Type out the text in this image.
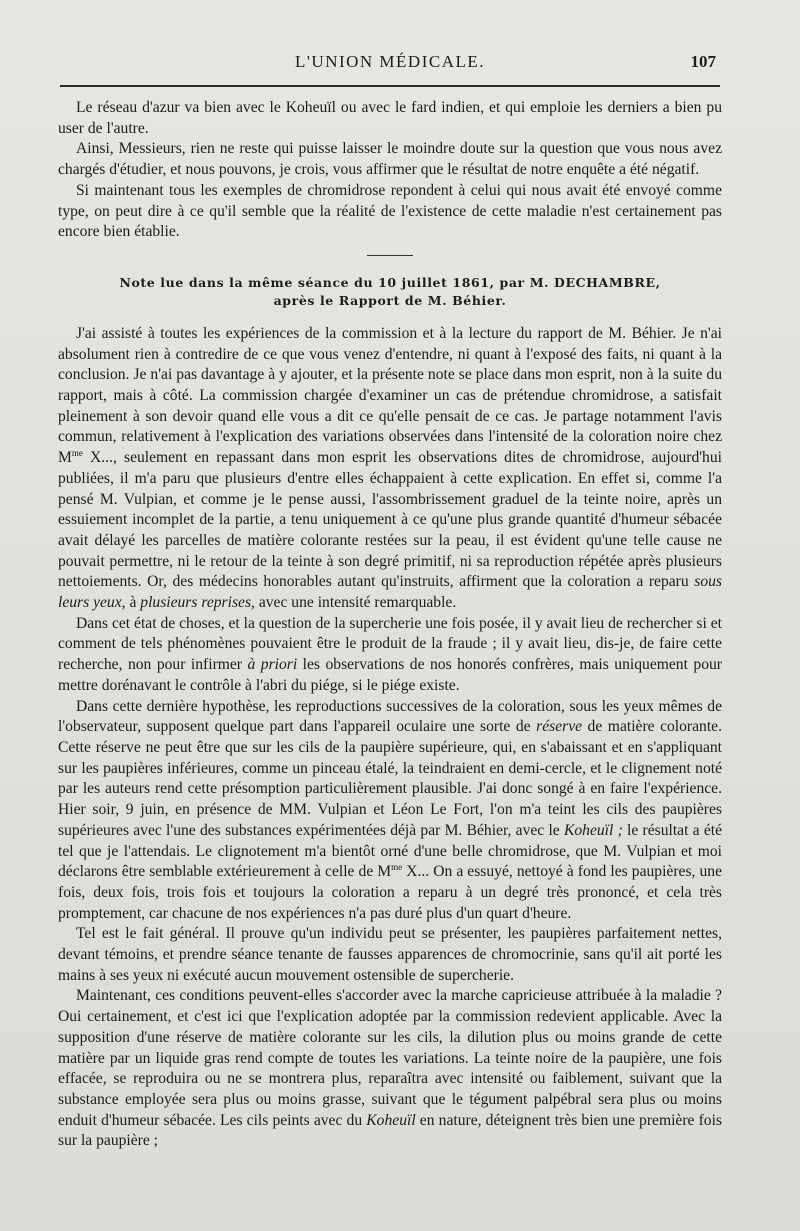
L'UNION MÉDICALE.	107

Le réseau d'azur va bien avec le Koheuïl ou avec le fard indien, et qui emploie les derniers a bien pu user de l'autre.

Ainsi, Messieurs, rien ne reste qui puisse laisser le moindre doute sur la question que vous nous avez chargés d'étudier, et nous pouvons, je crois, vous affirmer que le résultat de notre enquête a été négatif.

Si maintenant tous les exemples de chromidrose repondent à celui qui nous avait été envoyé comme type, on peut dire à ce qu'il semble que la réalité de l'existence de cette maladie n'est certainement pas encore bien établie.

Note lue dans la même séance du 10 juillet 1861, par M. DECHAMBRE,
après le Rapport de M. Béhier.

J'ai assisté à toutes les expériences de la commission et à la lecture du rapport de M. Béhier. Je n'ai absolument rien à contredire de ce que vous venez d'entendre, ni quant à l'exposé des faits, ni quant à la conclusion. Je n'ai pas davantage à y ajouter, et la présente note se place dans mon esprit, non à la suite du rapport, mais à côté. La commission chargée d'examiner un cas de prétendue chromidrose, a satisfait pleinement à son devoir quand elle vous a dit ce qu'elle pensait de ce cas. Je partage notamment l'avis commun, relativement à l'explication des variations observées dans l'intensité de la coloration noire chez $M^{me}$ X..., seulement en repassant dans mon esprit les observations dites de chromidrose, aujourd'hui publiées, il m'a paru que plusieurs d'entre elles échappaient à cette explication. En effet si, comme l'a pensé M. Vulpian, et comme je le pense aussi, l'assombrissement graduel de la teinte noire, après un essuiement incomplet de la partie, a tenu uniquement à ce qu'une plus grande quantité d'humeur sébacée avait délayé les parcelles de matière colorante restées sur la peau, il est évident qu'une telle cause ne pouvait permettre, ni le retour de la teinte à son degré primitif, ni sa reproduction répétée après plusieurs nettoiements. Or, des médecins honorables autant qu'instruits, affirment que la coloration a reparu sous leurs yeux, à plusieurs reprises, avec une intensité remarquable.

Dans cet état de choses, et la question de la supercherie une fois posée, il y avait lieu de rechercher si et comment de tels phénomènes pouvaient être le produit de la fraude ; il y avait lieu, dis-je, de faire cette recherche, non pour infirmer à priori les observations de nos honorés confrères, mais uniquement pour mettre dorénavant le contrôle à l'abri du piége, si le piége existe.

Dans cette dernière hypothèse, les reproductions successives de la coloration, sous les yeux mêmes de l'observateur, supposent quelque part dans l'appareil oculaire une sorte de réserve de matière colorante. Cette réserve ne peut être que sur les cils de la paupière supérieure, qui, en s'abaissant et en s'appliquant sur les paupières inférieures, comme un pinceau étalé, la teindraient en demi-cercle, et le clignement noté par les auteurs rend cette présomption particulièrement plausible. J'ai donc songé à en faire l'expérience. Hier soir, 9 juin, en présence de MM. Vulpian et Léon Le Fort, l'on m'a teint les cils des paupières supérieures avec l'une des substances expérimentées déjà par M. Béhier, avec le Koheuïl ; le résultat a été tel que je l'attendais. Le clignotement m'a bientôt orné d'une belle chromidrose, que M. Vulpian et moi déclarons être semblable extérieurement à celle de $M^{me}$ X... On a essuyé, nettoyé à fond les paupières, une fois, deux fois, trois fois et toujours la coloration a reparu à un degré très prononcé, et cela très promptement, car chacune de nos expériences n'a pas duré plus d'un quart d'heure.

Tel est le fait général. Il prouve qu'un individu peut se présenter, les paupières parfaitement nettes, devant témoins, et prendre séance tenante de fausses apparences de chromocrinie, sans qu'il ait porté les mains à ses yeux ni exécuté aucun mouvement ostensible de supercherie.

Maintenant, ces conditions peuvent-elles s'accorder avec la marche capricieuse attribuée à la maladie ? Oui certainement, et c'est ici que l'explication adoptée par la commission redevient applicable. Avec la supposition d'une réserve de matière colorante sur les cils, la dilution plus ou moins grande de cette matière par un liquide gras rend compte de toutes les variations. La teinte noire de la paupière, une fois effacée, se reproduira ou ne se montrera plus, reparaîtra avec intensité ou faiblement, suivant que la substance employée sera plus ou moins grasse, suivant que le tégument palpébral sera plus ou moins enduit d'humeur sébacée. Les cils peints avec du Koheuïl en nature, déteignent très bien une première fois sur la paupière ;
